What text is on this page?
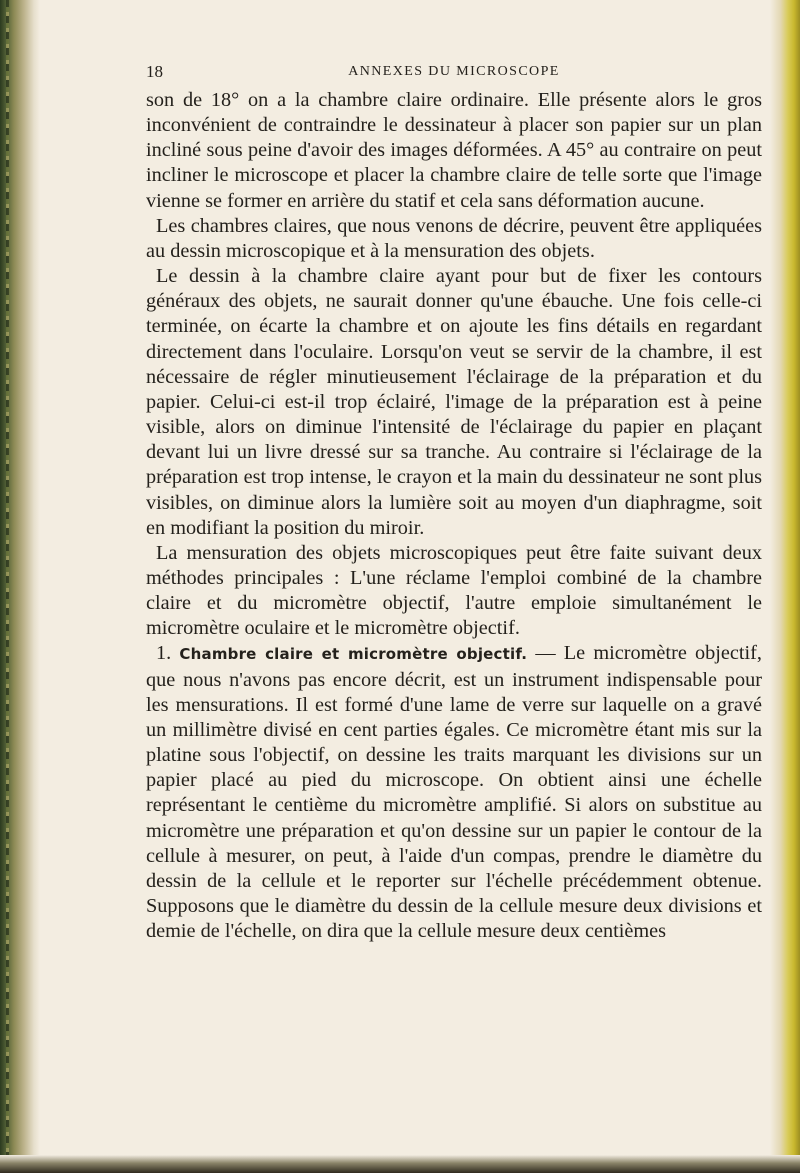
18	ANNEXES DU MICROSCOPE

son de 18° on a la chambre claire ordinaire. Elle présente alors le gros inconvénient de contraindre le dessinateur à placer son papier sur un plan incliné sous peine d'avoir des images déformées. A 45° au contraire on peut incliner le microscope et placer la chambre claire de telle sorte que l'image vienne se former en arrière du statif et cela sans déformation aucune.

Les chambres claires, que nous venons de décrire, peuvent être appliquées au dessin microscopique et à la mensuration des objets.

Le dessin à la chambre claire ayant pour but de fixer les contours généraux des objets, ne saurait donner qu'une ébauche. Une fois celle-ci terminée, on écarte la chambre et on ajoute les fins détails en regardant directement dans l'oculaire. Lorsqu'on veut se servir de la chambre, il est nécessaire de régler minutieusement l'éclairage de la préparation et du papier. Celui-ci est-il trop éclairé, l'image de la préparation est à peine visible, alors on diminue l'intensité de l'éclairage du papier en plaçant devant lui un livre dressé sur sa tranche. Au contraire si l'éclairage de la préparation est trop intense, le crayon et la main du dessinateur ne sont plus visibles, on diminue alors la lumière soit au moyen d'un diaphragme, soit en modifiant la position du miroir.

La mensuration des objets microscopiques peut être faite suivant deux méthodes principales : L'une réclame l'emploi combiné de la chambre claire et du micromètre objectif, l'autre emploie simultanément le micromètre oculaire et le micromètre objectif.

1. Chambre claire et micromètre objectif. — Le micromètre objectif, que nous n'avons pas encore décrit, est un instrument indispensable pour les mensurations. Il est formé d'une lame de verre sur laquelle on a gravé un millimètre divisé en cent parties égales. Ce micromètre étant mis sur la platine sous l'objectif, on dessine les traits marquant les divisions sur un papier placé au pied du microscope. On obtient ainsi une échelle représentant le centième du micromètre amplifié. Si alors on substitue au micromètre une préparation et qu'on dessine sur un papier le contour de la cellule à mesurer, on peut, à l'aide d'un compas, prendre le diamètre du dessin de la cellule et le reporter sur l'échelle précédemment obtenue. Supposons que le diamètre du dessin de la cellule mesure deux divisions et demie de l'échelle, on dira que la cellule mesure deux centièmes
